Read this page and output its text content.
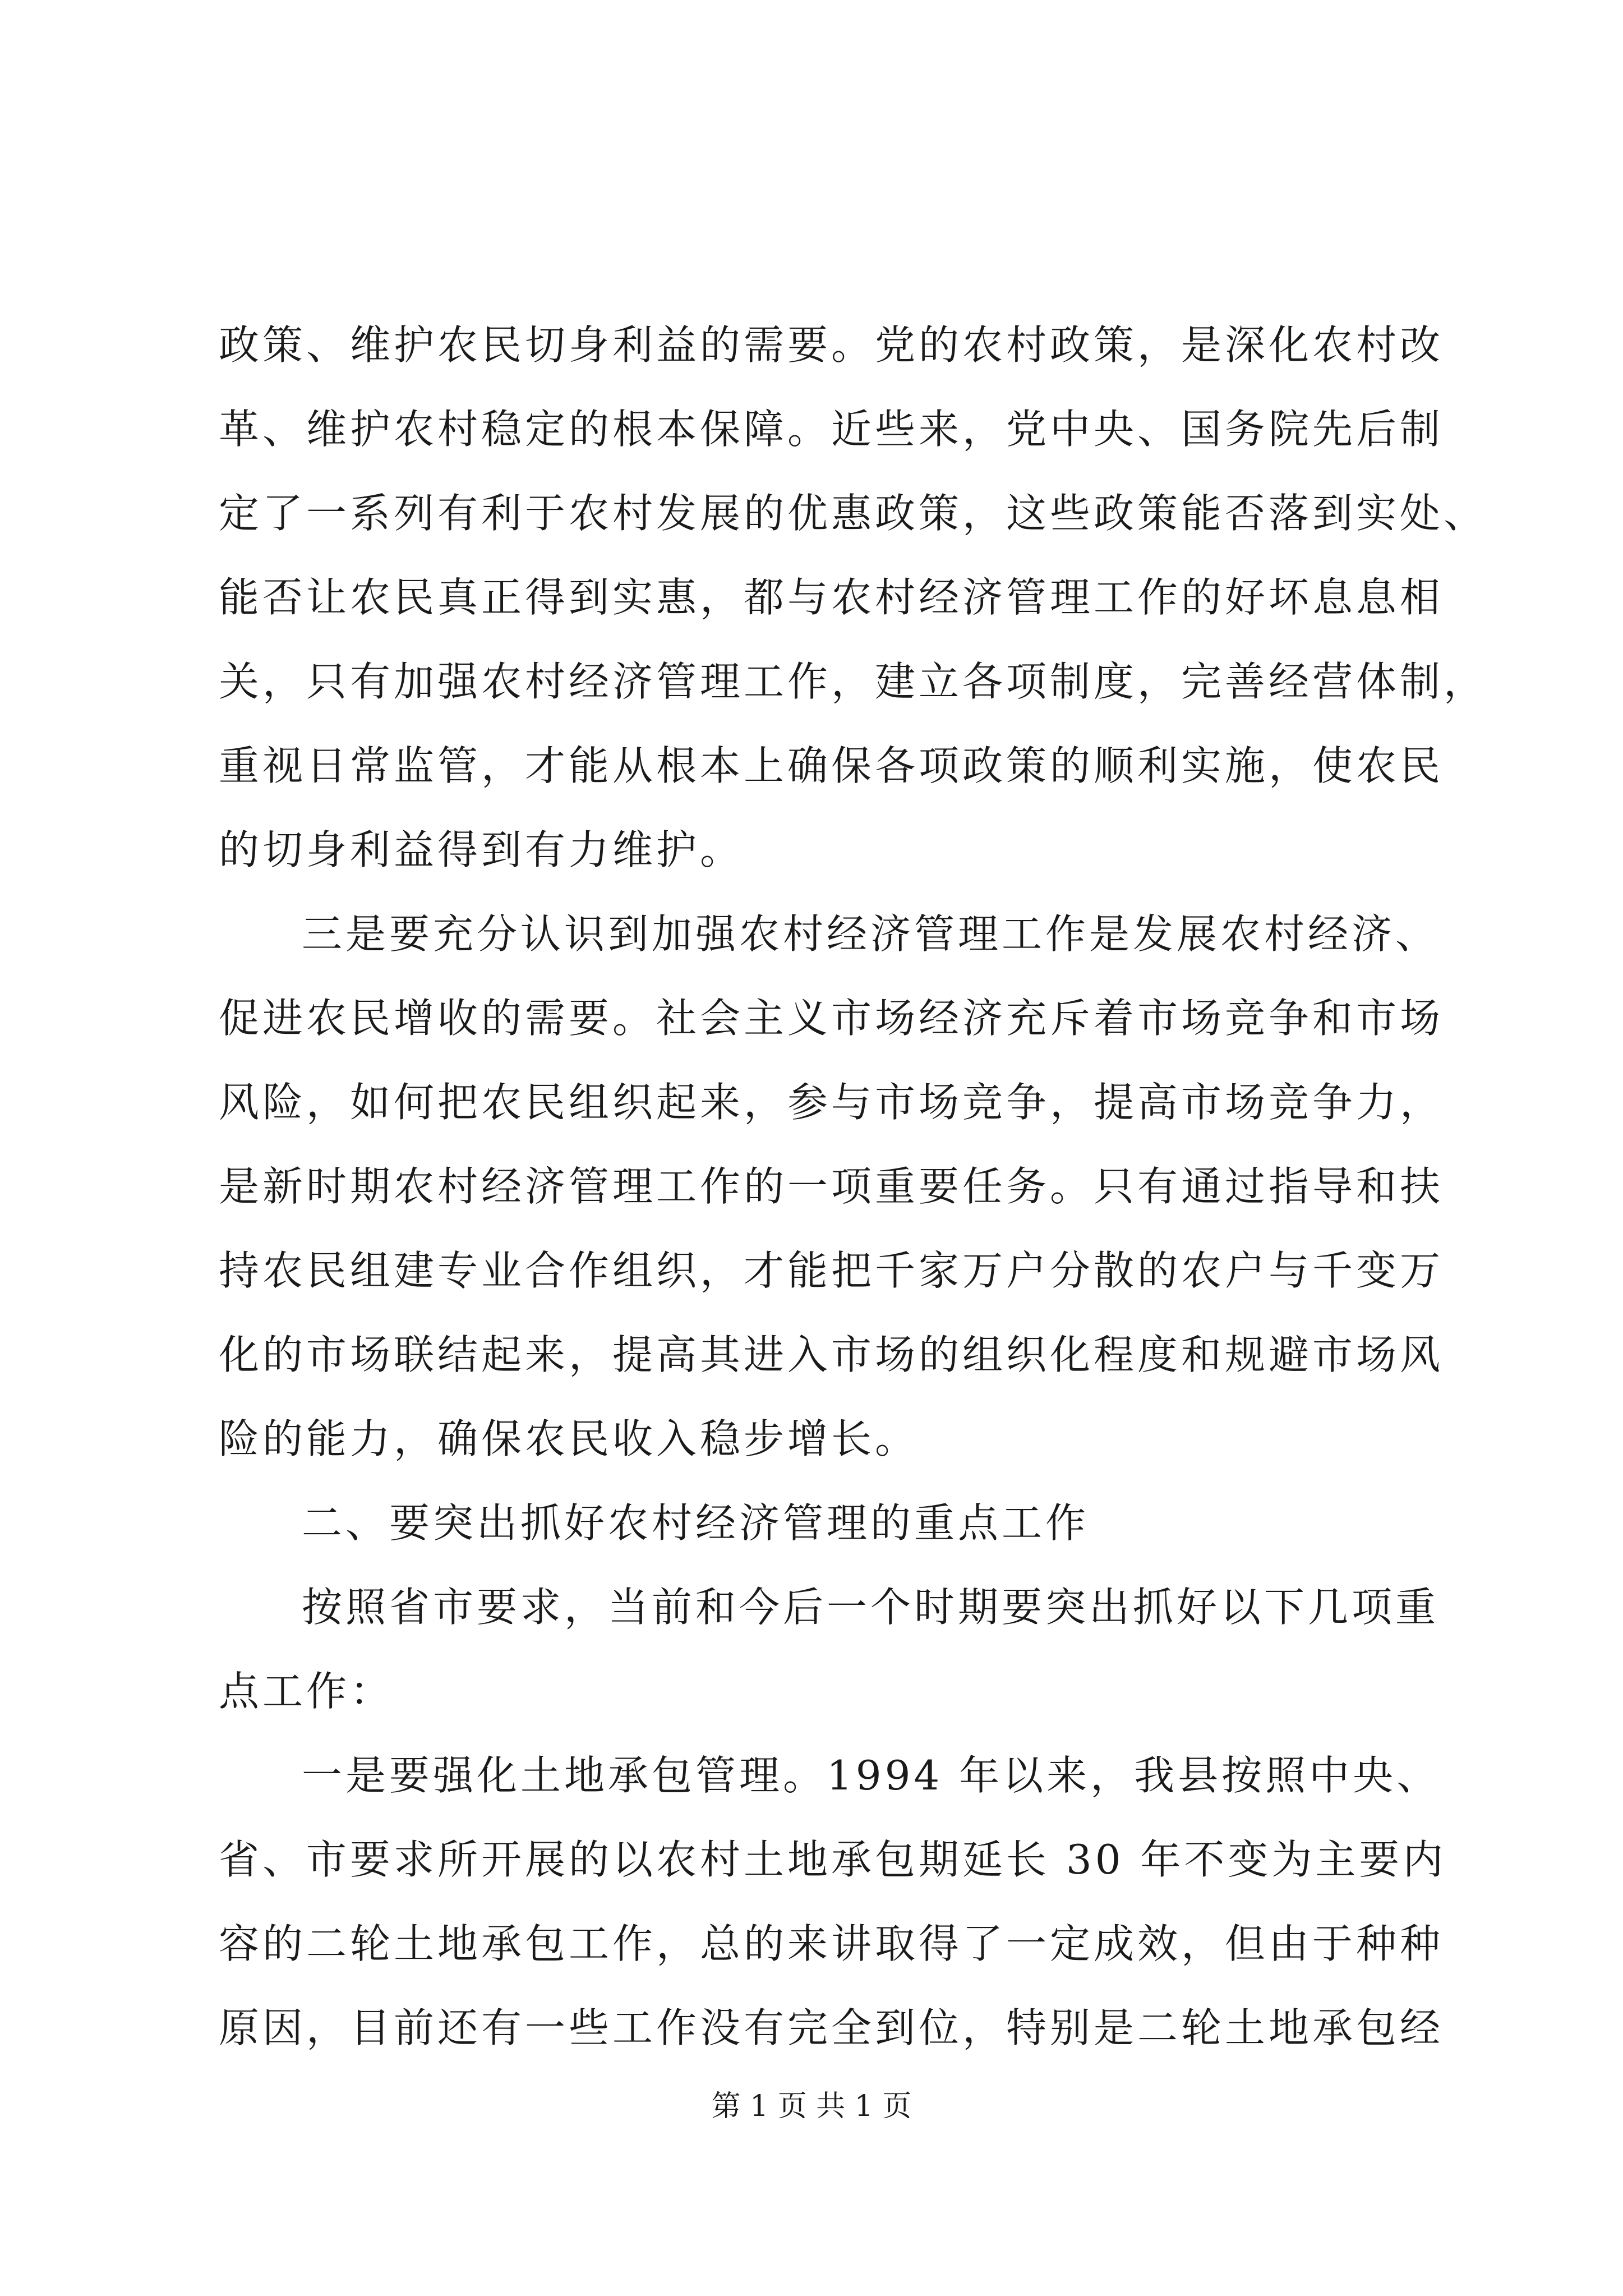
政策、维护农民切身利益的需要。党的农村政策，是深化农村改
革、维护农村稳定的根本保障。近些来，党中央、国务院先后制
定了一系列有利于农村发展的优惠政策，这些政策能否落到实处、
能否让农民真正得到实惠，都与农村经济管理工作的好坏息息相
关，只有加强农村经济管理工作，建立各项制度，完善经营体制，
重视日常监管，才能从根本上确保各项政策的顺利实施，使农民
的切身利益得到有力维护。
三是要充分认识到加强农村经济管理工作是发展农村经济、
促进农民增收的需要。社会主义市场经济充斥着市场竞争和市场
风险，如何把农民组织起来，参与市场竞争，提高市场竞争力，
是新时期农村经济管理工作的一项重要任务。只有通过指导和扶
持农民组建专业合作组织，才能把千家万户分散的农户与千变万
化的市场联结起来，提高其进入市场的组织化程度和规避市场风
险的能力，确保农民收入稳步增长。
二、要突出抓好农村经济管理的重点工作
按照省市要求，当前和今后一个时期要突出抓好以下几项重
点工作：
一是要强化土地承包管理。1994 年以来，我县按照中央、
省、市要求所开展的以农村土地承包期延长 30 年不变为主要内
容的二轮土地承包工作，总的来讲取得了一定成效，但由于种种
原因，目前还有一些工作没有完全到位，特别是二轮土地承包经
第 1 页 共 1 页
